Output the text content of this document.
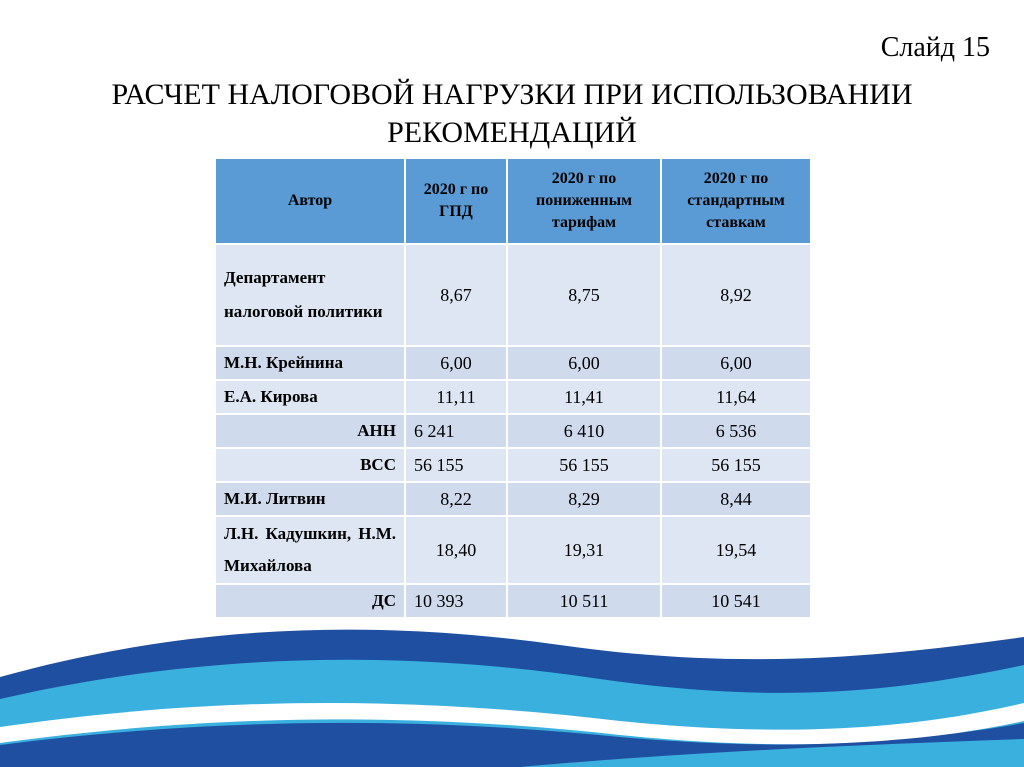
Слайд 15
РАСЧЕТ НАЛОГОВОЙ НАГРУЗКИ ПРИ ИСПОЛЬЗОВАНИИ
РЕКОМЕНДАЦИЙ
Автор	2020 г по ГПД	2020 г по пониженным тарифам	2020 г по стандартным ставкам
Департамент налоговой политики	8,67	8,75	8,92
М.Н. Крейнина	6,00	6,00	6,00
Е.А. Кирова	11,11	11,41	11,64
АНН	6 241	6 410	6 536
ВСС	56 155	56 155	56 155
М.И. Литвин	8,22	8,29	8,44
Л.Н. Кадушкин, Н.М. Михайлова	18,40	19,31	19,54
ДС	10 393	10 511	10 541
